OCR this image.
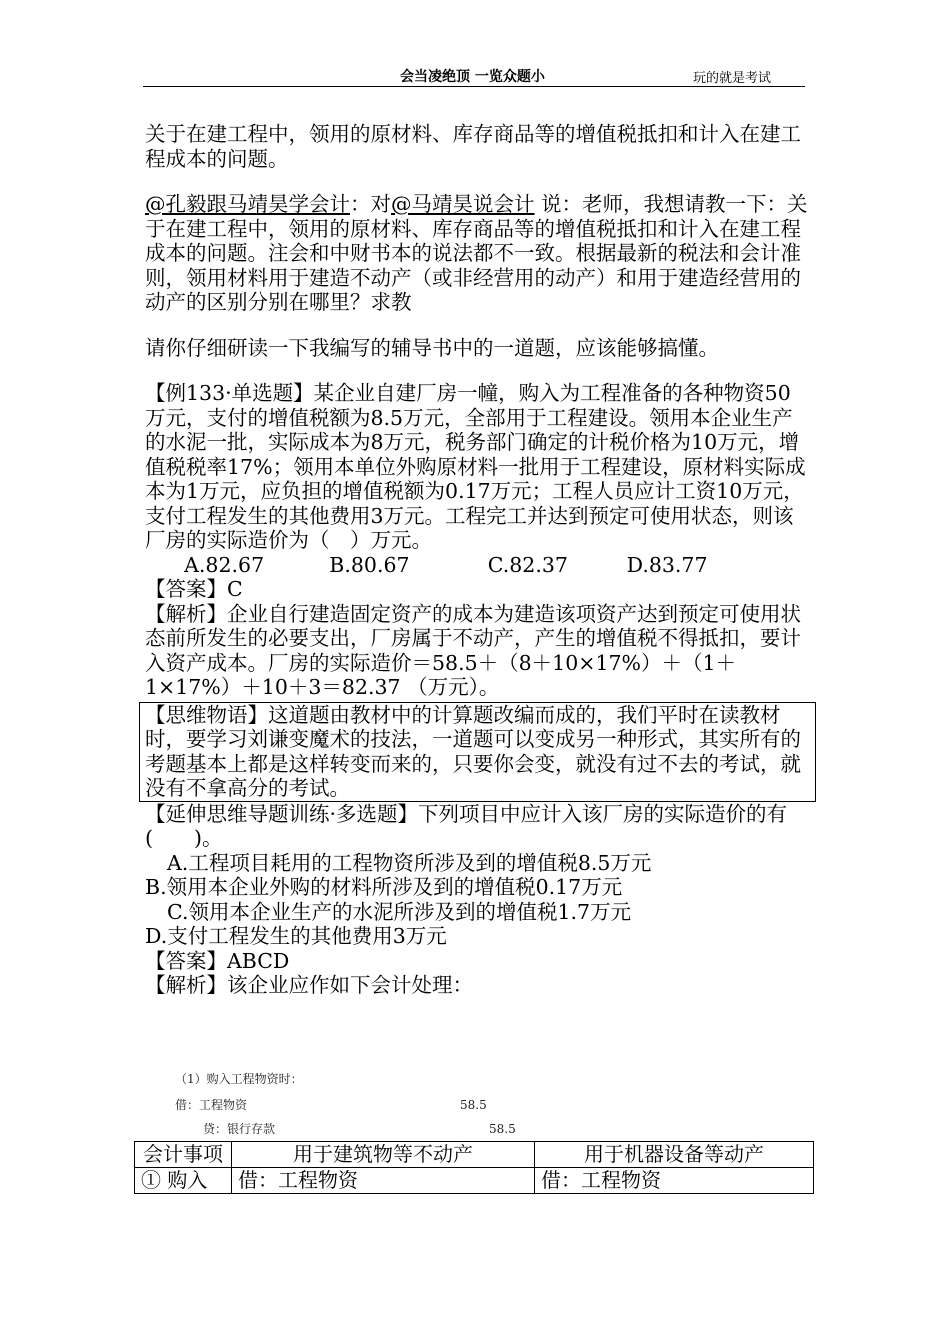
会当凌绝顶 一览众题小	玩的就是考试

关于在建工程中，领用的原材料、库存商品等的增值税抵扣和计入在建工程成本的问题。

@孔毅跟马靖昊学会计：对@马靖昊说会计 说：老师，我想请教一下：关于在建工程中，领用的原材料、库存商品等的增值税抵扣和计入在建工程成本的问题。注会和中财书本的说法都不一致。根据最新的税法和会计准则，领用材料用于建造不动产（或非经营用的动产）和用于建造经营用的动产的区别分别在哪里？求教

请你仔细研读一下我编写的辅导书中的一道题，应该能够搞懂。

【例133·单选题】某企业自建厂房一幢，购入为工程准备的各种物资50万元，支付的增值税额为8.5万元，全部用于工程建设。领用本企业生产的水泥一批，实际成本为8万元，税务部门确定的计税价格为10万元，增值税税率17%；领用本单位外购原材料一批用于工程建设，原材料实际成本为1万元，应负担的增值税额为0.17万元；工程人员应计工资10万元，支付工程发生的其他费用3万元。工程完工并达到预定可使用状态，则该厂房的实际造价为（　）万元。

A.82.67	B.80.67	C.82.37	D.83.77

【答案】C

【解析】企业自行建造固定资产的成本为建造该项资产达到预定可使用状态前所发生的必要支出，厂房属于不动产，产生的增值税不得抵扣，要计入资产成本。厂房的实际造价＝58.5＋（8＋10×17%）＋（1＋1×17%）＋10＋3＝82.37 （万元）。

【思维物语】这道题由教材中的计算题改编而成的，我们平时在读教材时，要学习刘谦变魔术的技法，一道题可以变成另一种形式，其实所有的考题基本上都是这样转变而来的，只要你会变，就没有过不去的考试，就没有不拿高分的考试。

【延伸思维导题训练·多选题】下列项目中应计入该厂房的实际造价的有(　　)。

A.工程项目耗用的工程物资所涉及到的增值税8.5万元

B.领用本企业外购的材料所涉及到的增值税0.17万元

C.领用本企业生产的水泥所涉及到的增值税1.7万元

D.支付工程发生的其他费用3万元

【答案】ABCD

【解析】该企业应作如下会计处理：

（1）购入工程物资时：
借：工程物资	58.5
贷：银行存款	58.5
会计事项	用于建筑物等不动产	用于机器设备等动产
① 购入	借：工程物资	借：工程物资
